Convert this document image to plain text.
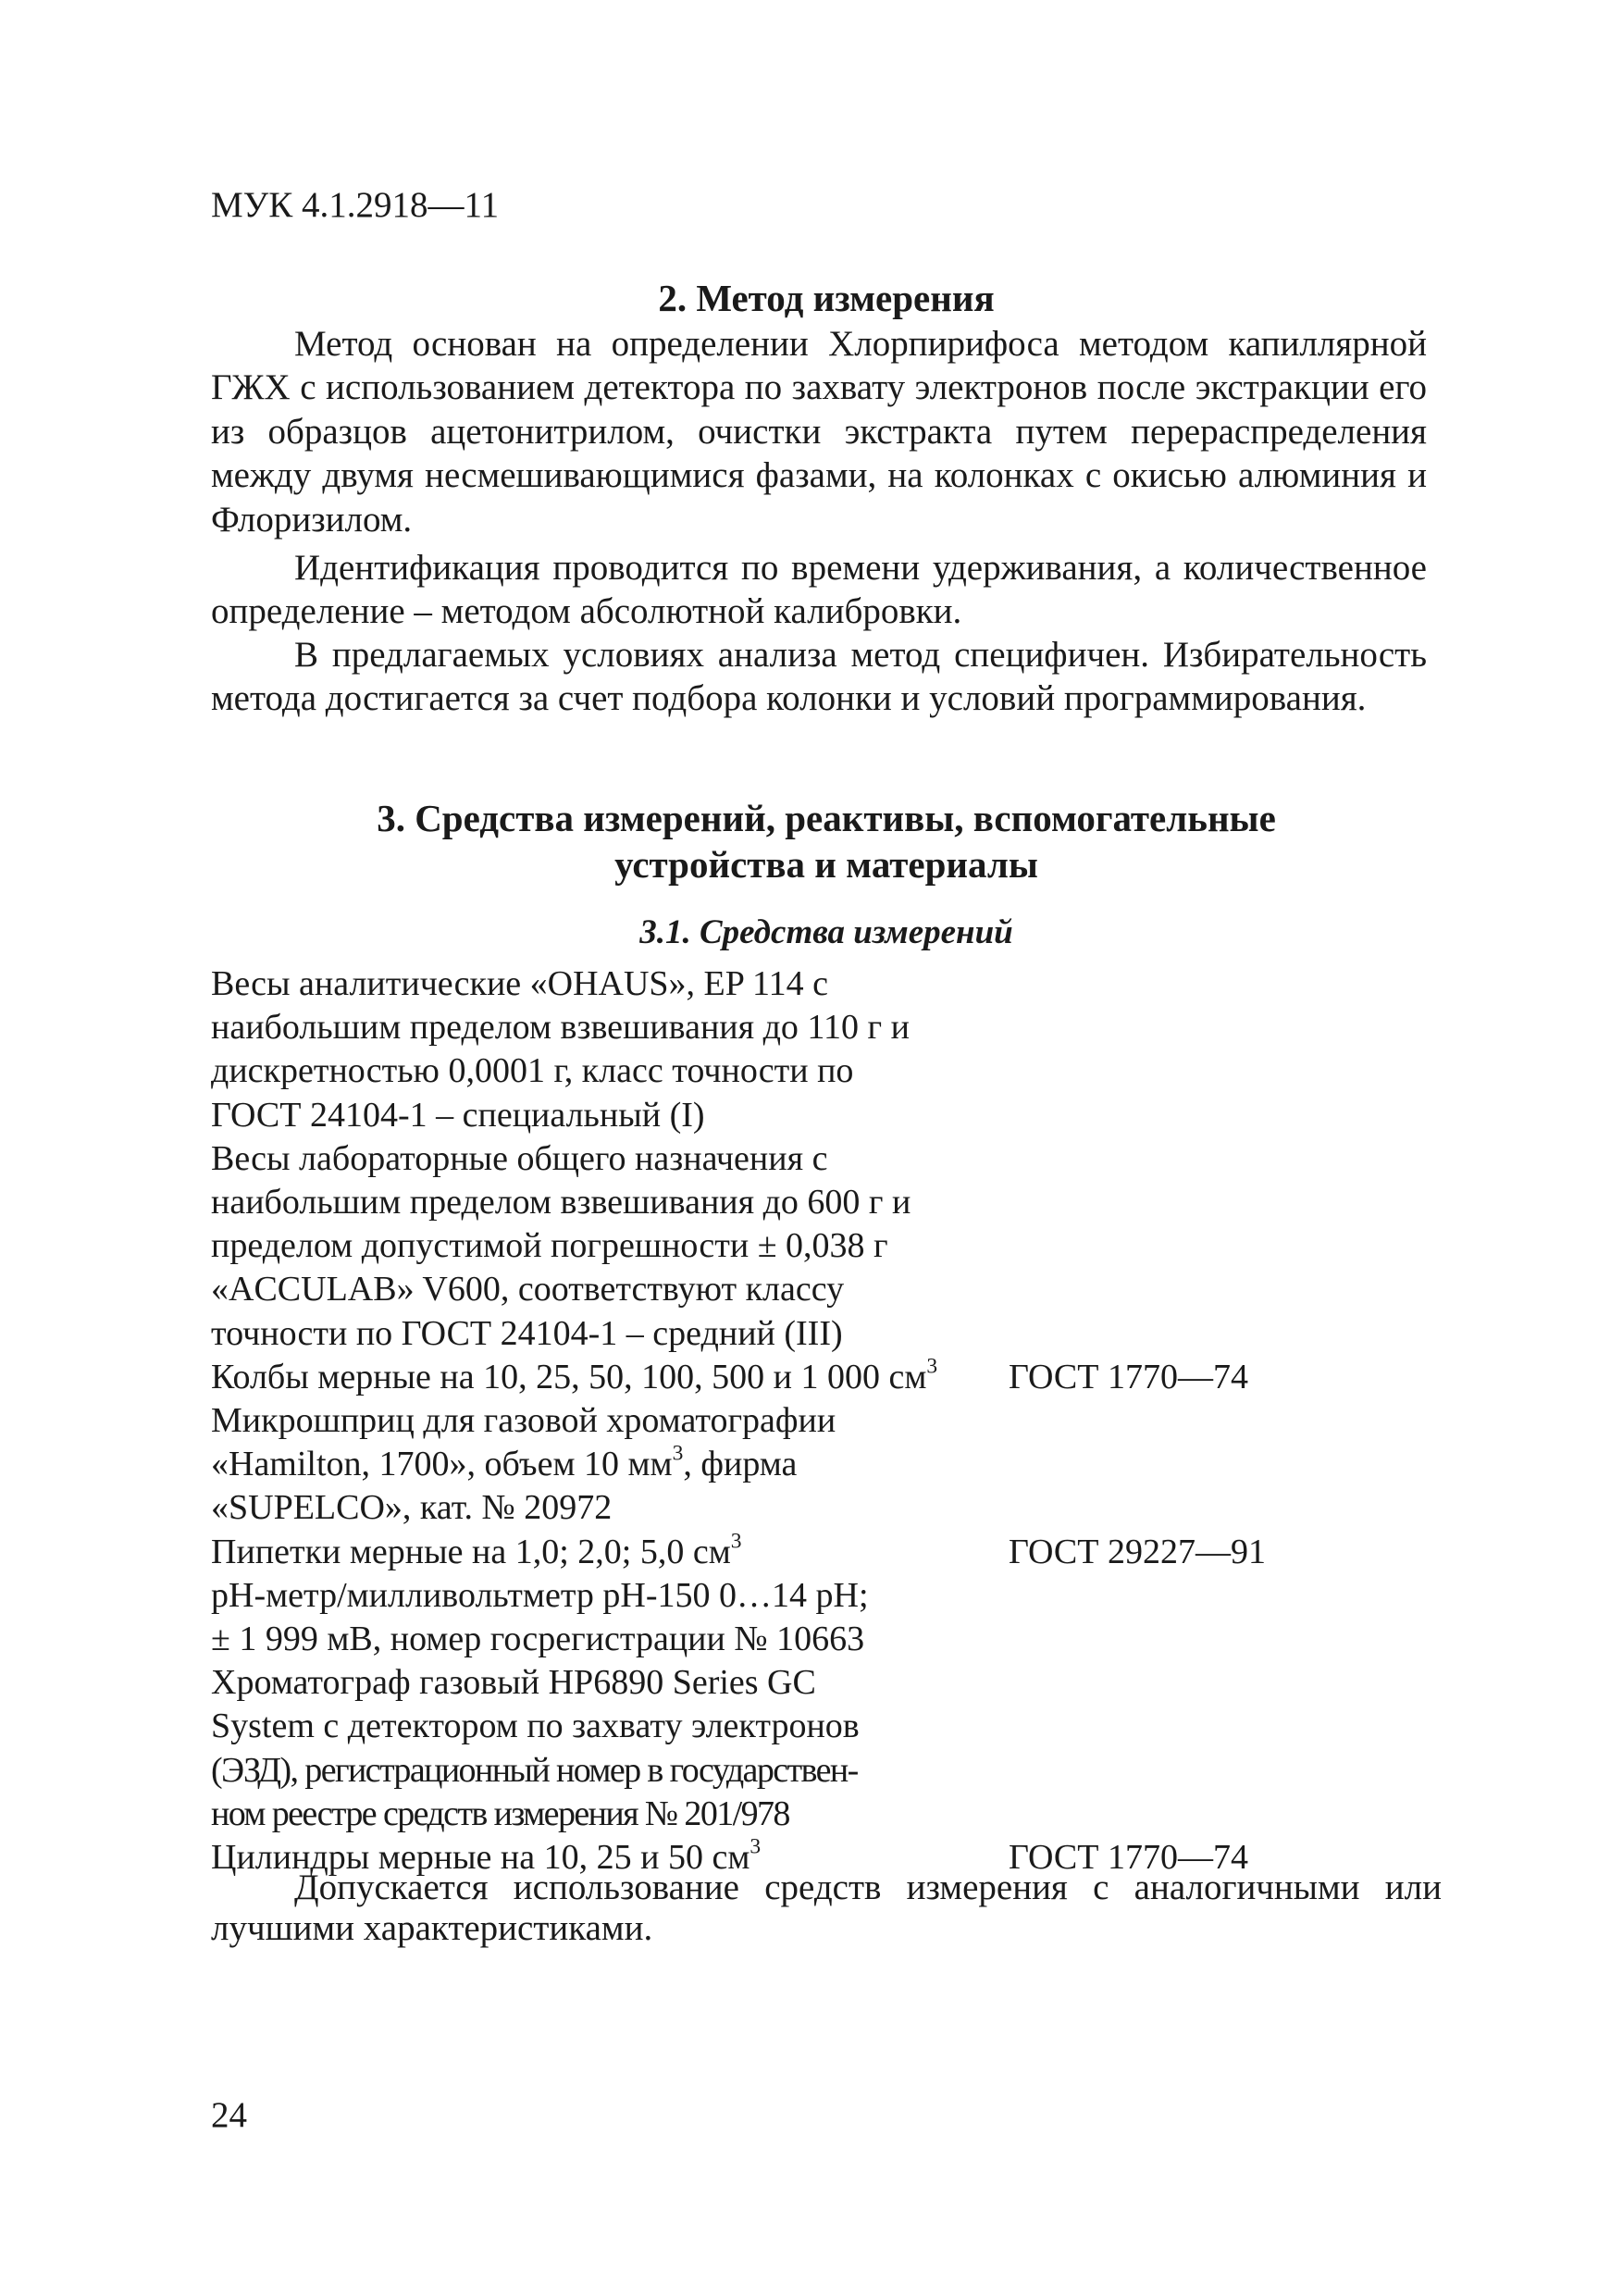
МУК 4.1.2918—11
2. Метод измерения

Метод основан на определении Хлорпирифоса методом капиллярной ГЖХ с использованием детектора по захвату электронов после экстракции его из образцов ацетонитрилом, очистки экстракта путем перераспределения между двумя несмешивающимися фазами, на колонках с окисью алюминия и Флоризилом.

Идентификация проводится по времени удерживания, а количественное определение – методом абсолютной калибровки.

В предлагаемых условиях анализа метод специфичен. Избирательность метода достигается за счет подбора колонки и условий программирования.

3. Средства измерений, реактивы, вспомогательные
устройства и материалы
3.1. Средства измерений
Весы аналитические «OHAUS», EP 114 с
наибольшим пределом взвешивания до 110 г и
дискретностью 0,0001 г, класс точности по
ГОСТ 24104-1 – специальный (I)
Весы лабораторные общего назначения с
наибольшим пределом взвешивания до 600 г и
пределом допустимой погрешности ± 0,038 г
«ACCULAB» V600, соответствуют классу
точности по ГОСТ 24104-1 – средний (III)
Колбы мерные на 10, 25, 50, 100, 500 и 1 000 $см^3$	ГОСТ 1770—74
Микрошприц для газовой хроматографии
«Hamilton, 1700», объем 10 $мм^3$, фирма
«SUPELCO», кат. № 20972
Пипетки мерные на 1,0; 2,0; 5,0 $см^3$	ГОСТ 29227—91
pH-метр/милливольтметр pH-150 0…14 pH;
± 1 999 мВ, номер госрегистрации № 10663
Хроматограф газовый HP6890 Series GC
System с детектором по захвату электронов
(ЭЗД), регистрационный номер в государствен-
ном реестре средств измерения № 201/978
Цилиндры мерные на 10, 25 и 50 $см^3$	ГОСТ 1770—74

Допускается использование средств измерения с аналогичными или лучшими характеристиками.

24
